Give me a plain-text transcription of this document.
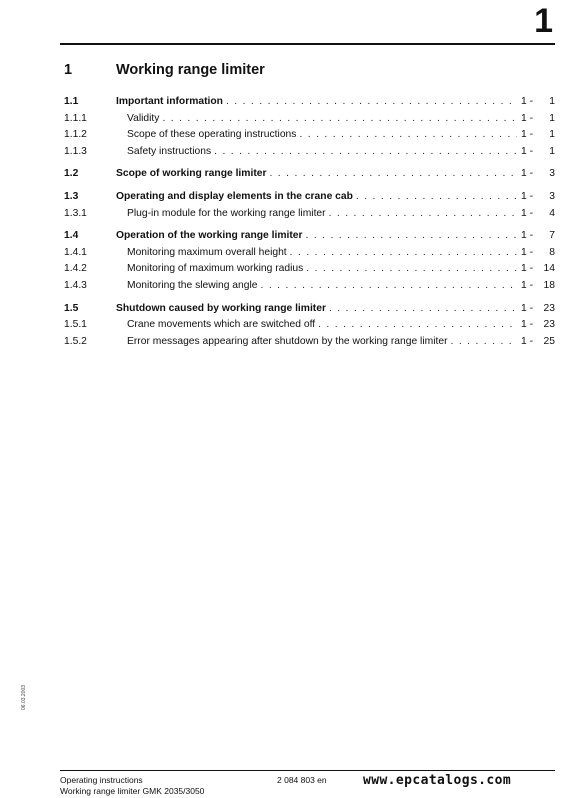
1
1	Working range limiter
1.1	Important information . . .	1 - 1
1.1.1	Validity . . .	1 - 1
1.1.2	Scope of these operating instructions . . .	1 - 1
1.1.3	Safety instructions . . .	1 - 1
1.2	Scope of working range limiter . . .	1 - 3
1.3	Operating and display elements in the crane cab . . .	1 - 3
1.3.1	Plug-in module for the working range limiter . . .	1 - 4
1.4	Operation of the working range limiter . . .	1 - 7
1.4.1	Monitoring maximum overall height . . .	1 - 8
1.4.2	Monitoring of maximum working radius . . .	1 - 14
1.4.3	Monitoring the slewing angle . . .	1 - 18
1.5	Shutdown caused by working range limiter . . .	1 - 23
1.5.1	Crane movements which are switched off . . .	1 - 23
1.5.2	Error messages appearing after shutdown by the working range limiter . . .	1 - 25
06.03.2003
Operating instructions
Working range limiter GMK 2035/3050
2 084 803 en	www.epcatalogs.com
